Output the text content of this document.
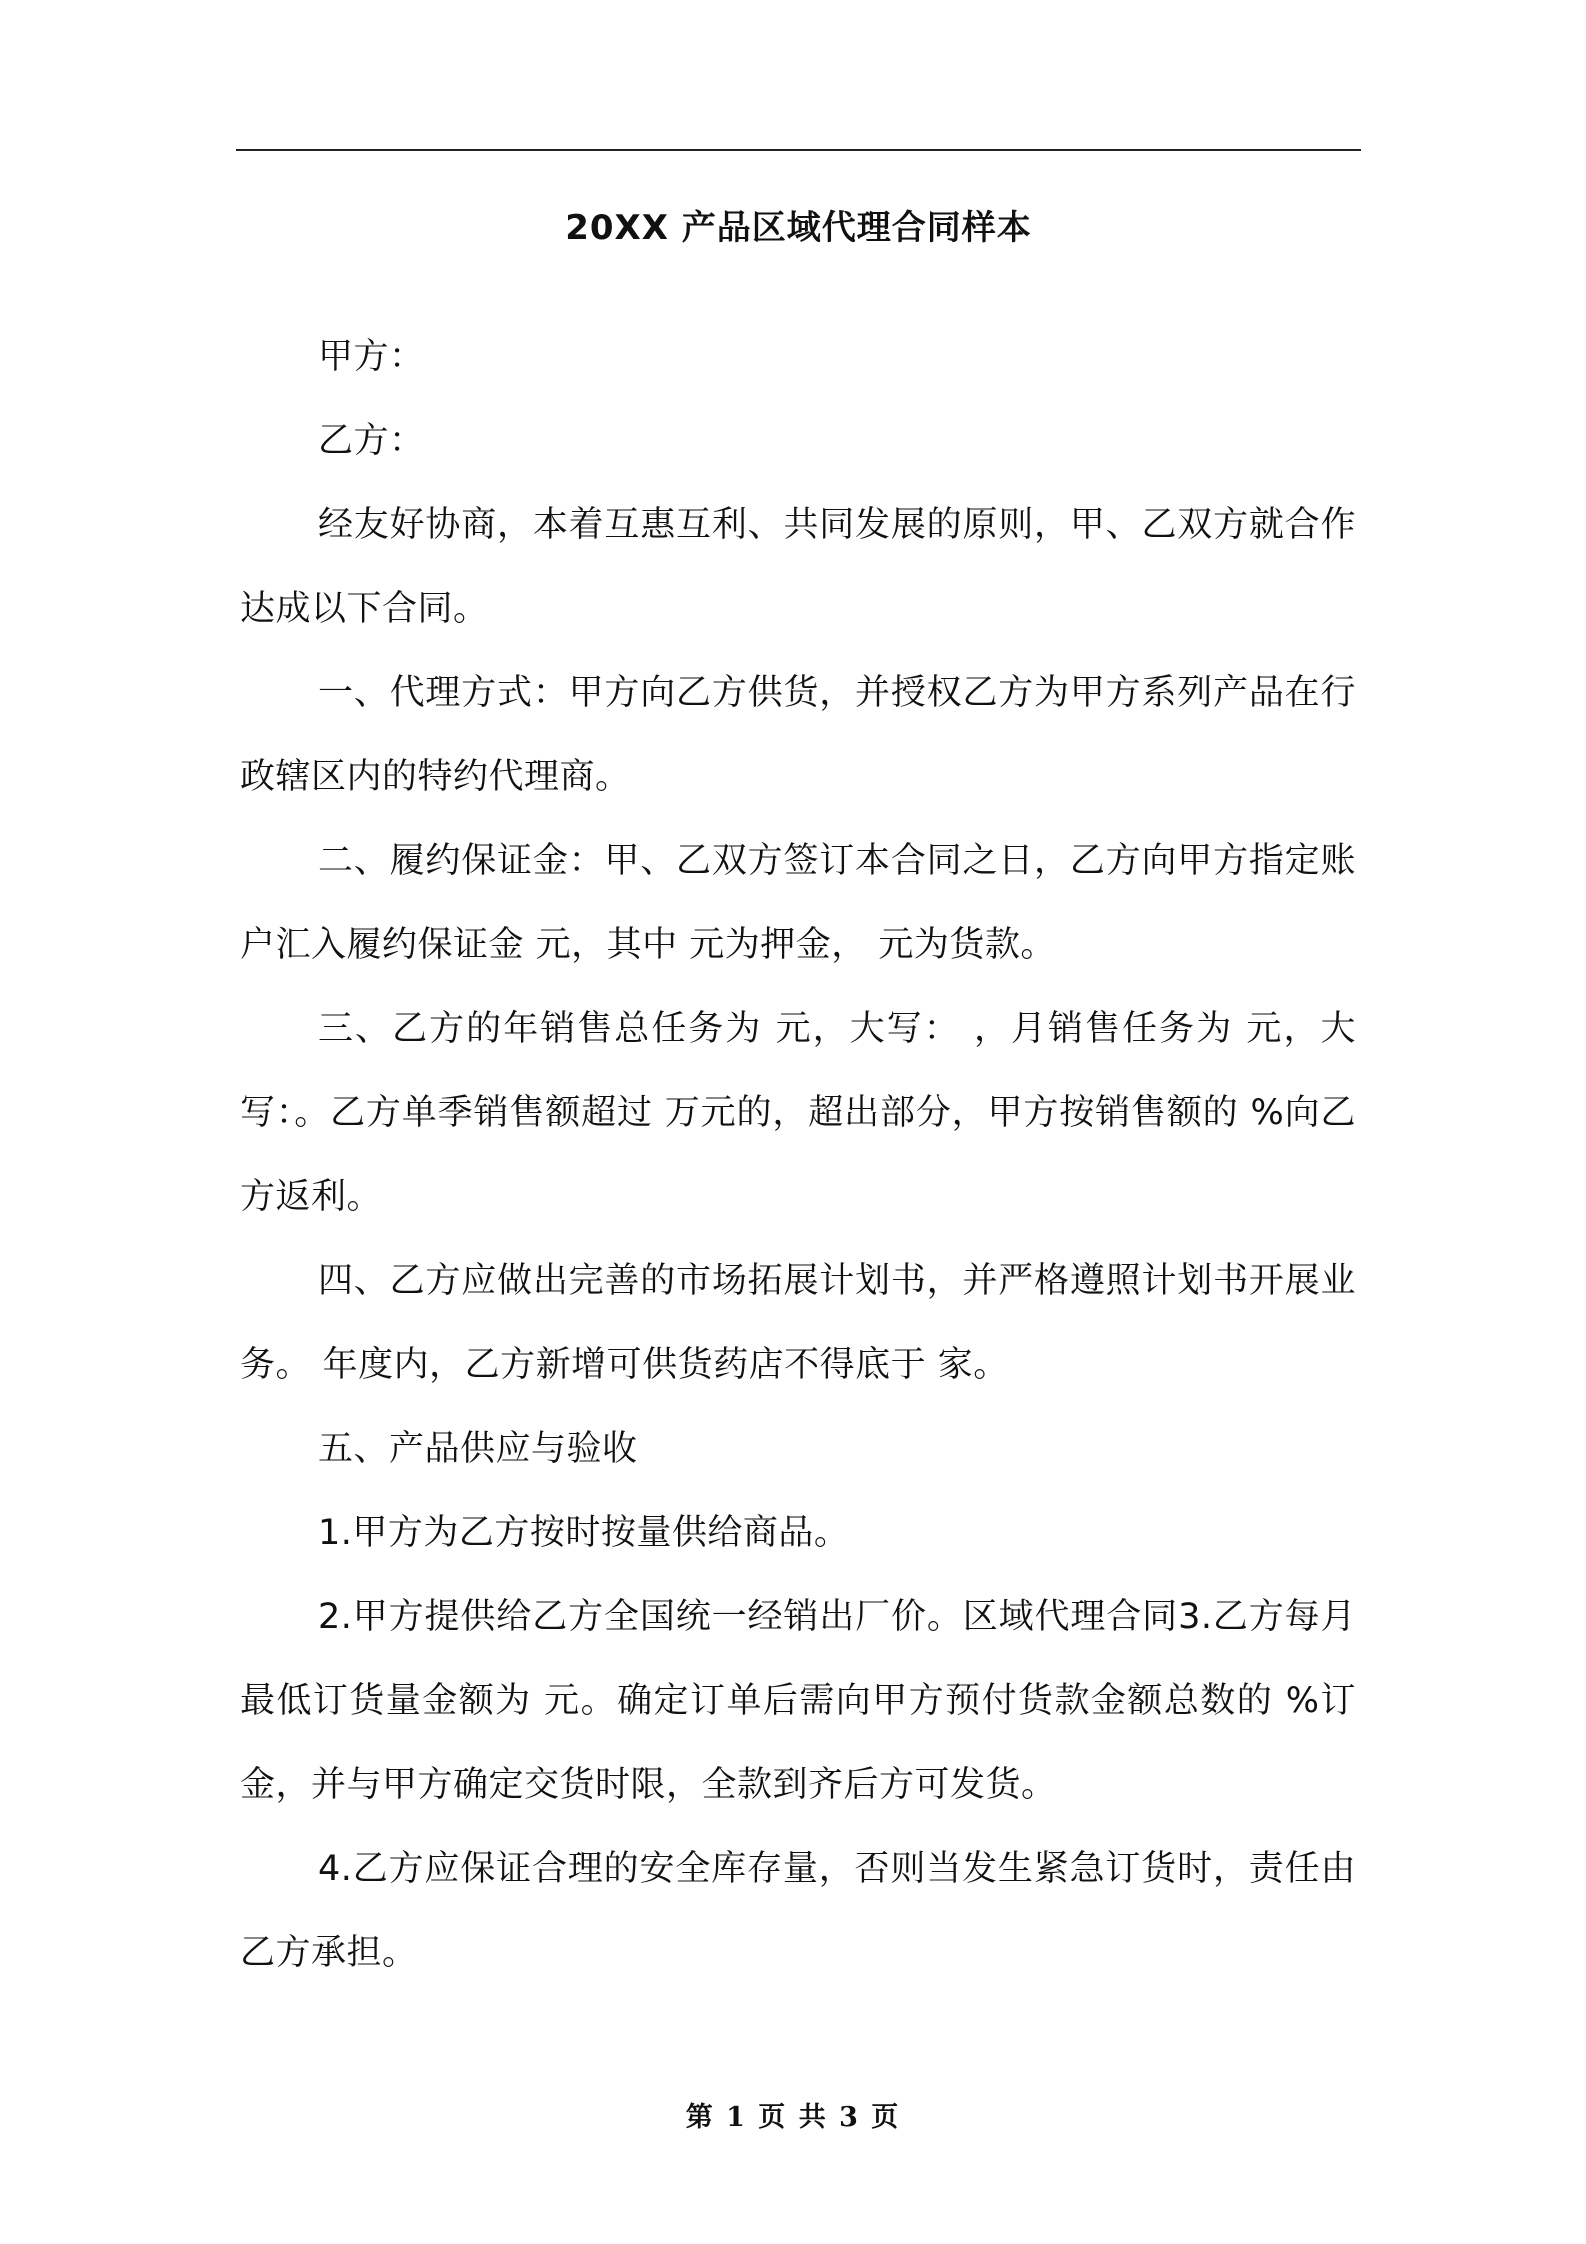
20XX 产品区域代理合同样本

甲方：

乙方：

经友好协商，本着互惠互利、共同发展的原则，甲、乙双方就合作达成以下合同。

一、代理方式：甲方向乙方供货，并授权乙方为甲方系列产品在行政辖区内的特约代理商。

二、履约保证金：甲、乙双方签订本合同之日，乙方向甲方指定账户汇入履约保证金 元，其中 元为押金， 元为货款。

三、乙方的年销售总任务为 元，大写： ，月销售任务为 元，大写：。乙方单季销售额超过 万元的，超出部分，甲方按销售额的 %向乙方返利。

四、乙方应做出完善的市场拓展计划书，并严格遵照计划书开展业务。 年度内，乙方新增可供货药店不得底于 家。

五、产品供应与验收

1.甲方为乙方按时按量供给商品。

2.甲方提供给乙方全国统一经销出厂价。区域代理合同3.乙方每月最低订货量金额为 元。确定订单后需向甲方预付货款金额总数的 %订金，并与甲方确定交货时限，全款到齐后方可发货。

4.乙方应保证合理的安全库存量，否则当发生紧急订货时，责任由乙方承担。

第 1 页 共 3 页
